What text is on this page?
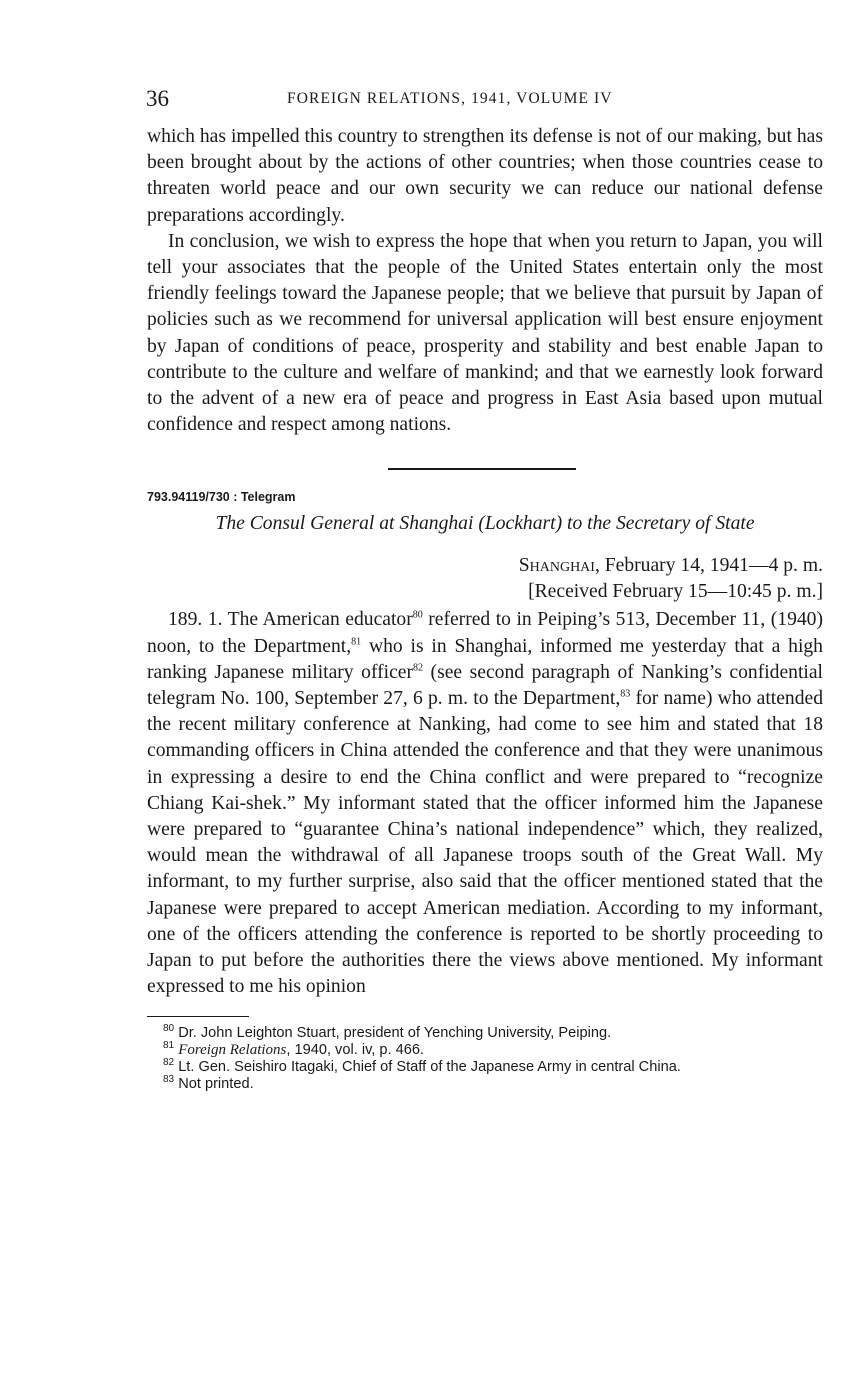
36	FOREIGN RELATIONS, 1941, VOLUME IV

which has impelled this country to strengthen its defense is not of our making, but has been brought about by the actions of other countries; when those countries cease to threaten world peace and our own security we can reduce our national defense preparations accordingly.

In conclusion, we wish to express the hope that when you return to Japan, you will tell your associates that the people of the United States entertain only the most friendly feelings toward the Japanese people; that we believe that pursuit by Japan of policies such as we recommend for universal application will best ensure enjoyment by Japan of conditions of peace, prosperity and stability and best enable Japan to contribute to the culture and welfare of mankind; and that we earnestly look forward to the advent of a new era of peace and progress in East Asia based upon mutual confidence and respect among nations.

793.94119/730 : Telegram
The Consul General at Shanghai (Lockhart) to the Secretary of State
Shanghai, February 14, 1941—4 p. m.
[Received February 15—10:45 p. m.]

189. 1. The American educator$^{80}$ referred to in Peiping’s 513, December 11, (1940) noon, to the Department,$^{81}$ who is in Shanghai, informed me yesterday that a high ranking Japanese military officer$^{82}$ (see second paragraph of Nanking’s confidential telegram No. 100, September 27, 6 p. m. to the Department,$^{83}$ for name) who attended the recent military conference at Nanking, had come to see him and stated that 18 commanding officers in China attended the conference and that they were unanimous in expressing a desire to end the China conflict and were prepared to “recognize Chiang Kai-shek.” My informant stated that the officer informed him the Japanese were prepared to “guarantee China’s national independence” which, they realized, would mean the withdrawal of all Japanese troops south of the Great Wall. My informant, to my further surprise, also said that the officer mentioned stated that the Japanese were prepared to accept American mediation. According to my informant, one of the officers attending the conference is reported to be shortly proceeding to Japan to put before the authorities there the views above mentioned. My informant expressed to me his opinion

$^{80}$ Dr. John Leighton Stuart, president of Yenching University, Peiping.
$^{81}$ Foreign Relations, 1940, vol. iv, p. 466.
$^{82}$ Lt. Gen. Seishiro Itagaki, Chief of Staff of the Japanese Army in central China.
$^{83}$ Not printed.
